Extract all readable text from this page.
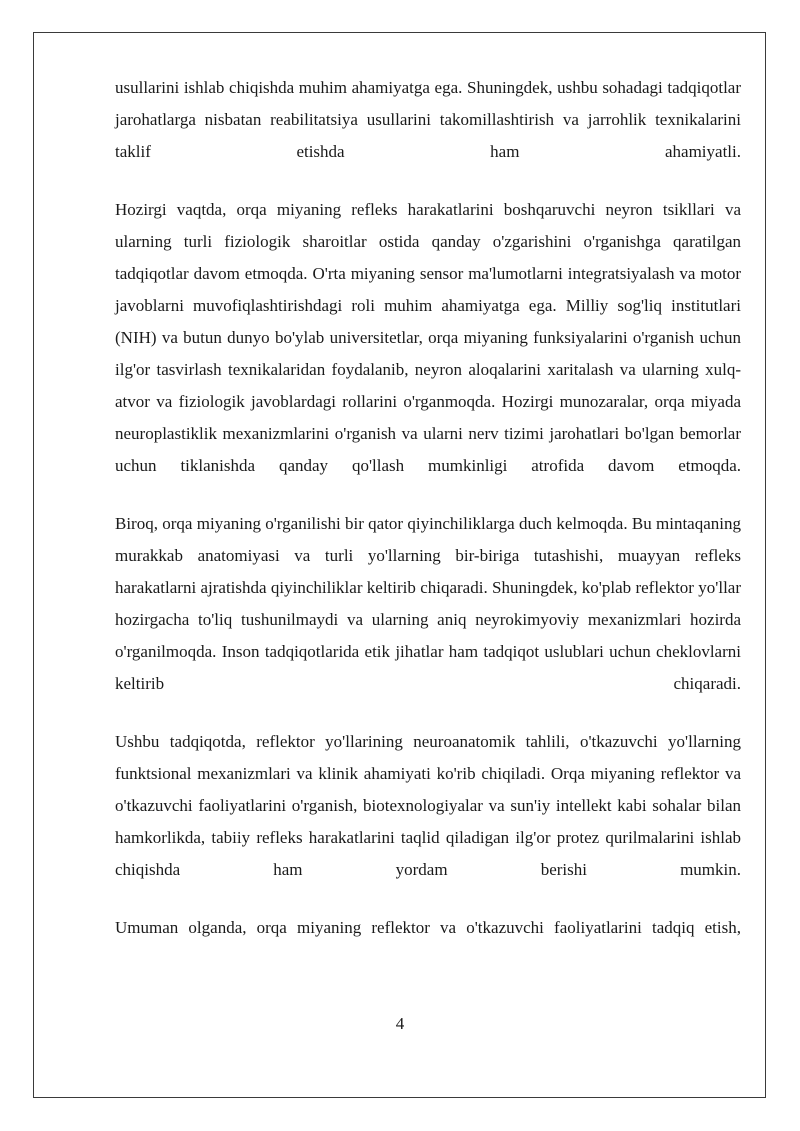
usullarini ishlab chiqishda muhim ahamiyatga ega. Shuningdek, ushbu sohadagi tadqiqotlar jarohatlarga nisbatan reabilitatsiya usullarini takomillashtirish va jarrohlik texnikalarini taklif etishda ham ahamiyatli.

Hozirgi vaqtda, orqa miyaning refleks harakatlarini boshqaruvchi neyron tsikllari va ularning turli fiziologik sharoitlar ostida qanday o'zgarishini o'rganishga qaratilgan tadqiqotlar davom etmoqda. O'rta miyaning sensor ma'lumotlarni integratsiyalash va motor javoblarni muvofiqlashtirishdagi roli muhim ahamiyatga ega. Milliy sog'liq institutlari (NIH) va butun dunyo bo'ylab universitetlar, orqa miyaning funksiyalarini o'rganish uchun ilg'or tasvirlash texnikalaridan foydalanib, neyron aloqalarini xaritalash va ularning xulq-atvor va fiziologik javoblardagi rollarini o'rganmoqda. Hozirgi munozaralar, orqa miyada neuroplastiklik mexanizmlarini o'rganish va ularni nerv tizimi jarohatlari bo'lgan bemorlar uchun tiklanishda qanday qo'llash mumkinligi atrofida davom etmoqda.

Biroq, orqa miyaning o'rganilishi bir qator qiyinchiliklarga duch kelmoqda. Bu mintaqaning murakkab anatomiyasi va turli yo'llarning bir-biriga tutashishi, muayyan refleks harakatlarni ajratishda qiyinchiliklar keltirib chiqaradi. Shuningdek, ko'plab reflektor yo'llar hozirgacha to'liq tushunilmaydi va ularning aniq neyrokimyoviy mexanizmlari hozirda o'rganilmoqda. Inson tadqiqotlarida etik jihatlar ham tadqiqot uslublari uchun cheklovlarni keltirib chiqaradi.

Ushbu tadqiqotda, reflektor yo'llarining neuroanatomik tahlili, o'tkazuvchi yo'llarning funktsional mexanizmlari va klinik ahamiyati ko'rib chiqiladi. Orqa miyaning reflektor va o'tkazuvchi faoliyatlarini o'rganish, biotexnologiyalar va sun'iy intellekt kabi sohalar bilan hamkorlikda, tabiiy refleks harakatlarini taqlid qiladigan ilg'or protez qurilmalarini ishlab chiqishda ham yordam berishi mumkin.

Umuman olganda, orqa miyaning reflektor va o'tkazuvchi faoliyatlarini tadqiq etish,

4
